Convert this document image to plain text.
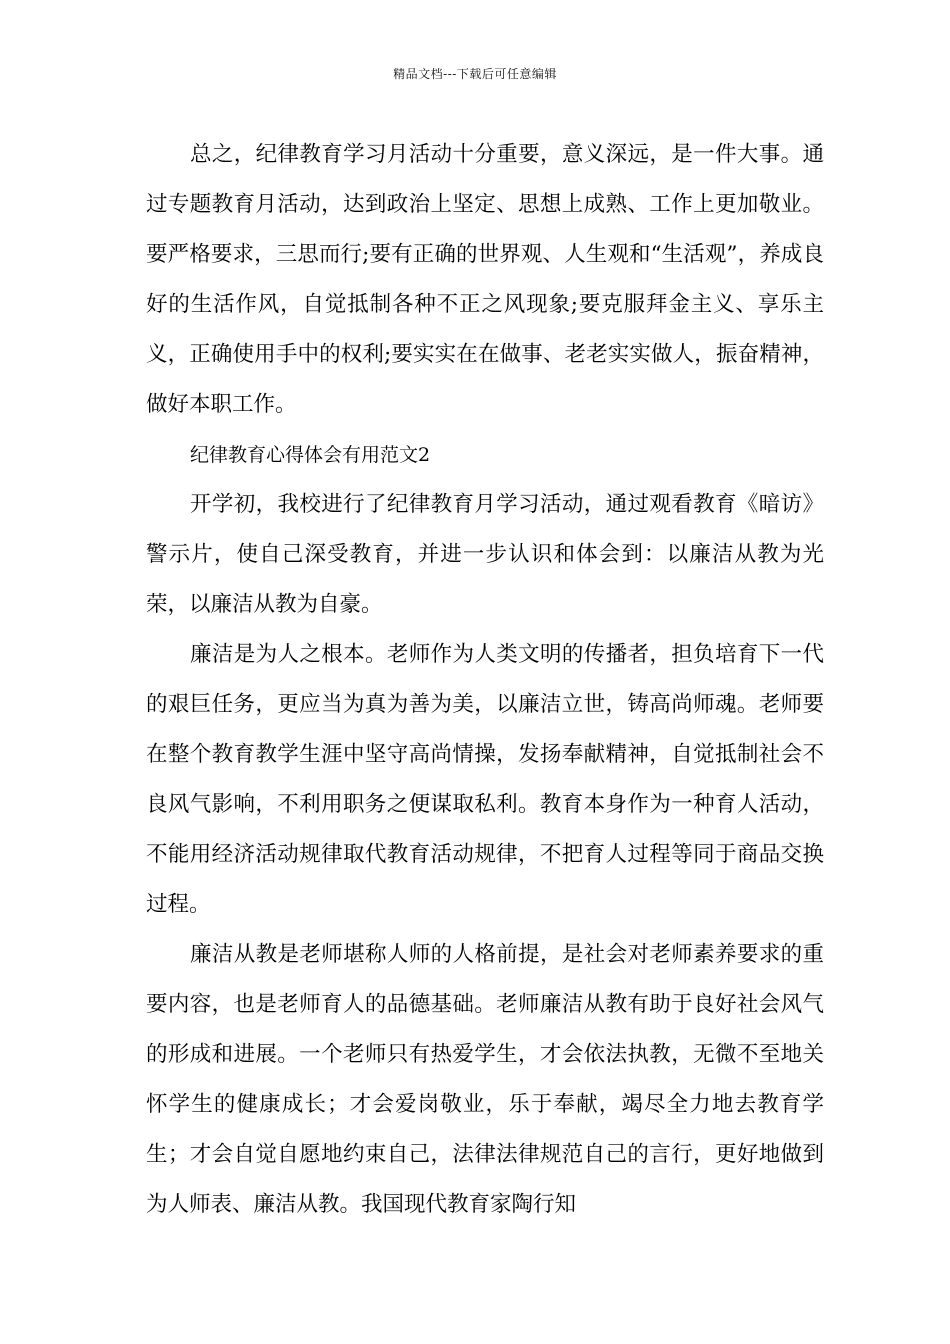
精品文档---下载后可任意编辑

总之，纪律教育学习月活动十分重要，意义深远，是一件大事。通过专题教育月活动，达到政治上坚定、思想上成熟、工作上更加敬业。要严格要求，三思而行;要有正确的世界观、人生观和“生活观”，养成良好的生活作风，自觉抵制各种不正之风现象;要克服拜金主义、享乐主义，正确使用手中的权利;要实实在在做事、老老实实做人，振奋精神，做好本职工作。

纪律教育心得体会有用范文2

开学初，我校进行了纪律教育月学习活动，通过观看教育《暗访》警示片，使自己深受教育，并进一步认识和体会到：以廉洁从教为光荣，以廉洁从教为自豪。

廉洁是为人之根本。老师作为人类文明的传播者，担负培育下一代的艰巨任务，更应当为真为善为美，以廉洁立世，铸高尚师魂。老师要在整个教育教学生涯中坚守高尚情操，发扬奉献精神，自觉抵制社会不良风气影响，不利用职务之便谋取私利。教育本身作为一种育人活动，不能用经济活动规律取代教育活动规律，不把育人过程等同于商品交换过程。

廉洁从教是老师堪称人师的人格前提，是社会对老师素养要求的重要内容，也是老师育人的品德基础。老师廉洁从教有助于良好社会风气的形成和进展。一个老师只有热爱学生，才会依法执教，无微不至地关怀学生的健康成长；才会爱岗敬业，乐于奉献，竭尽全力地去教育学生；才会自觉自愿地约束自己，法律法律规范自己的言行，更好地做到为人师表、廉洁从教。我国现代教育家陶行知
